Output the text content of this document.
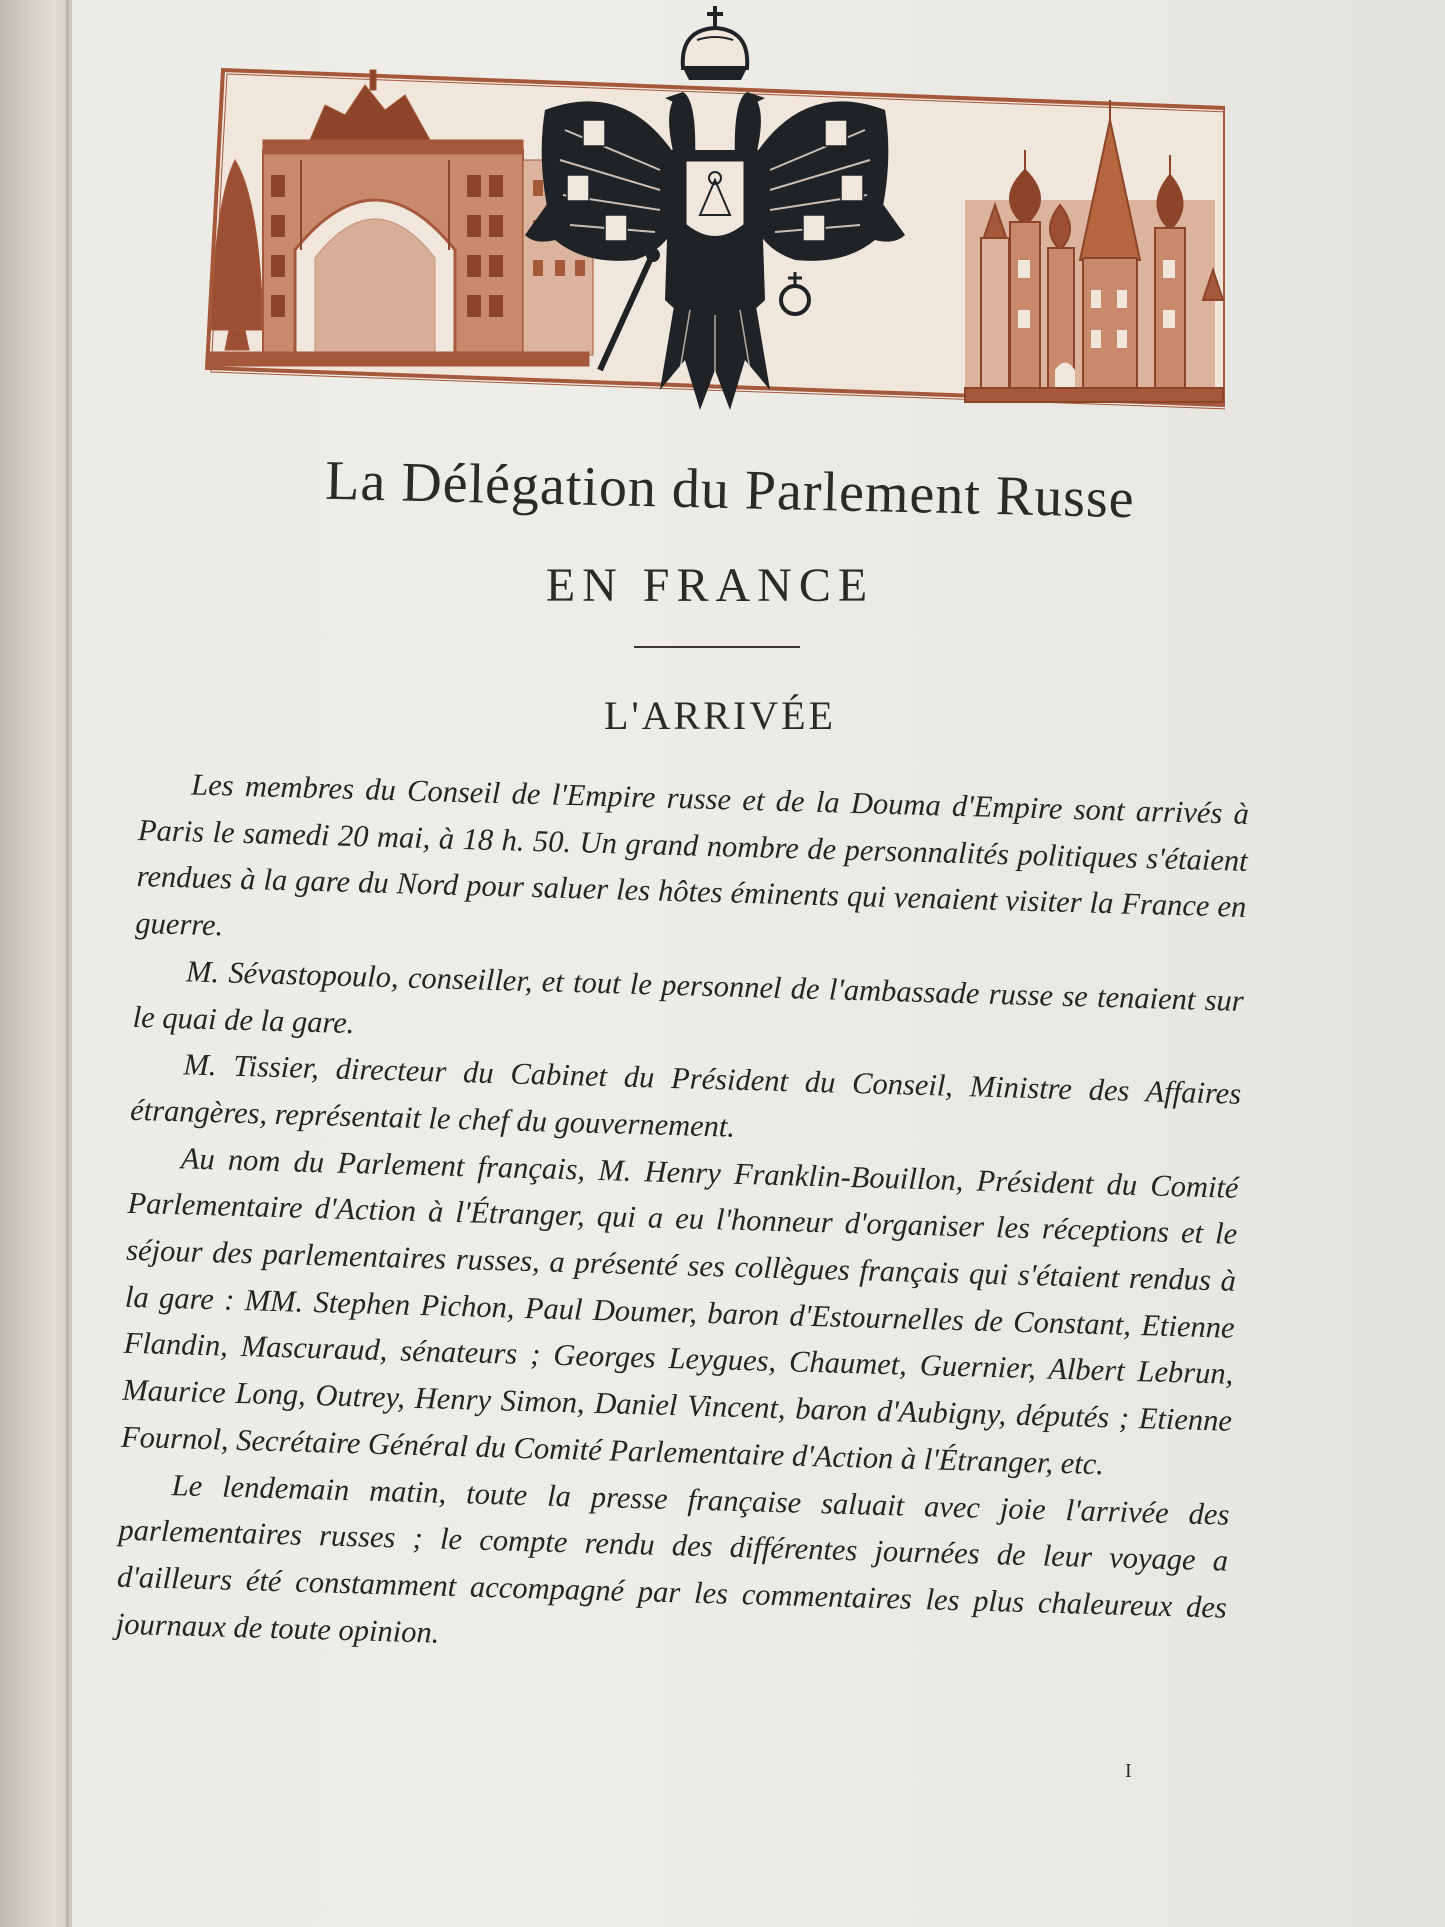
La Délégation du Parlement Russe
EN FRANCE
L'ARRIVÉE

Les membres du Conseil de l'Empire russe et de la Douma d'Empire sont arrivés à Paris le samedi 20 mai, à 18 h. 50. Un grand nombre de personnalités politiques s'étaient rendues à la gare du Nord pour saluer les hôtes éminents qui venaient visiter la France en guerre.

M. Sévastopoulo, conseiller, et tout le personnel de l'ambassade russe se tenaient sur le quai de la gare.

M. Tissier, directeur du Cabinet du Président du Conseil, Ministre des Affaires étrangères, représentait le chef du gouvernement.

Au nom du Parlement français, M. Henry Franklin-Bouillon, Président du Comité Parlementaire d'Action à l'Étranger, qui a eu l'honneur d'organiser les réceptions et le séjour des parlementaires russes, a présenté ses collègues français qui s'étaient rendus à la gare : MM. Stephen Pichon, Paul Doumer, baron d'Estournelles de Constant, Etienne Flandin, Mascuraud, sénateurs ; Georges Leygues, Chaumet, Guernier, Albert Lebrun, Maurice Long, Outrey, Henry Simon, Daniel Vincent, baron d'Aubigny, députés ; Etienne Fournol, Secrétaire Général du Comité Parlementaire d'Action à l'Étranger, etc.

Le lendemain matin, toute la presse française saluait avec joie l'arrivée des parlementaires russes ; le compte rendu des différentes journées de leur voyage a d'ailleurs été constamment accompagné par les commentaires les plus chaleureux des journaux de toute opinion.

I
